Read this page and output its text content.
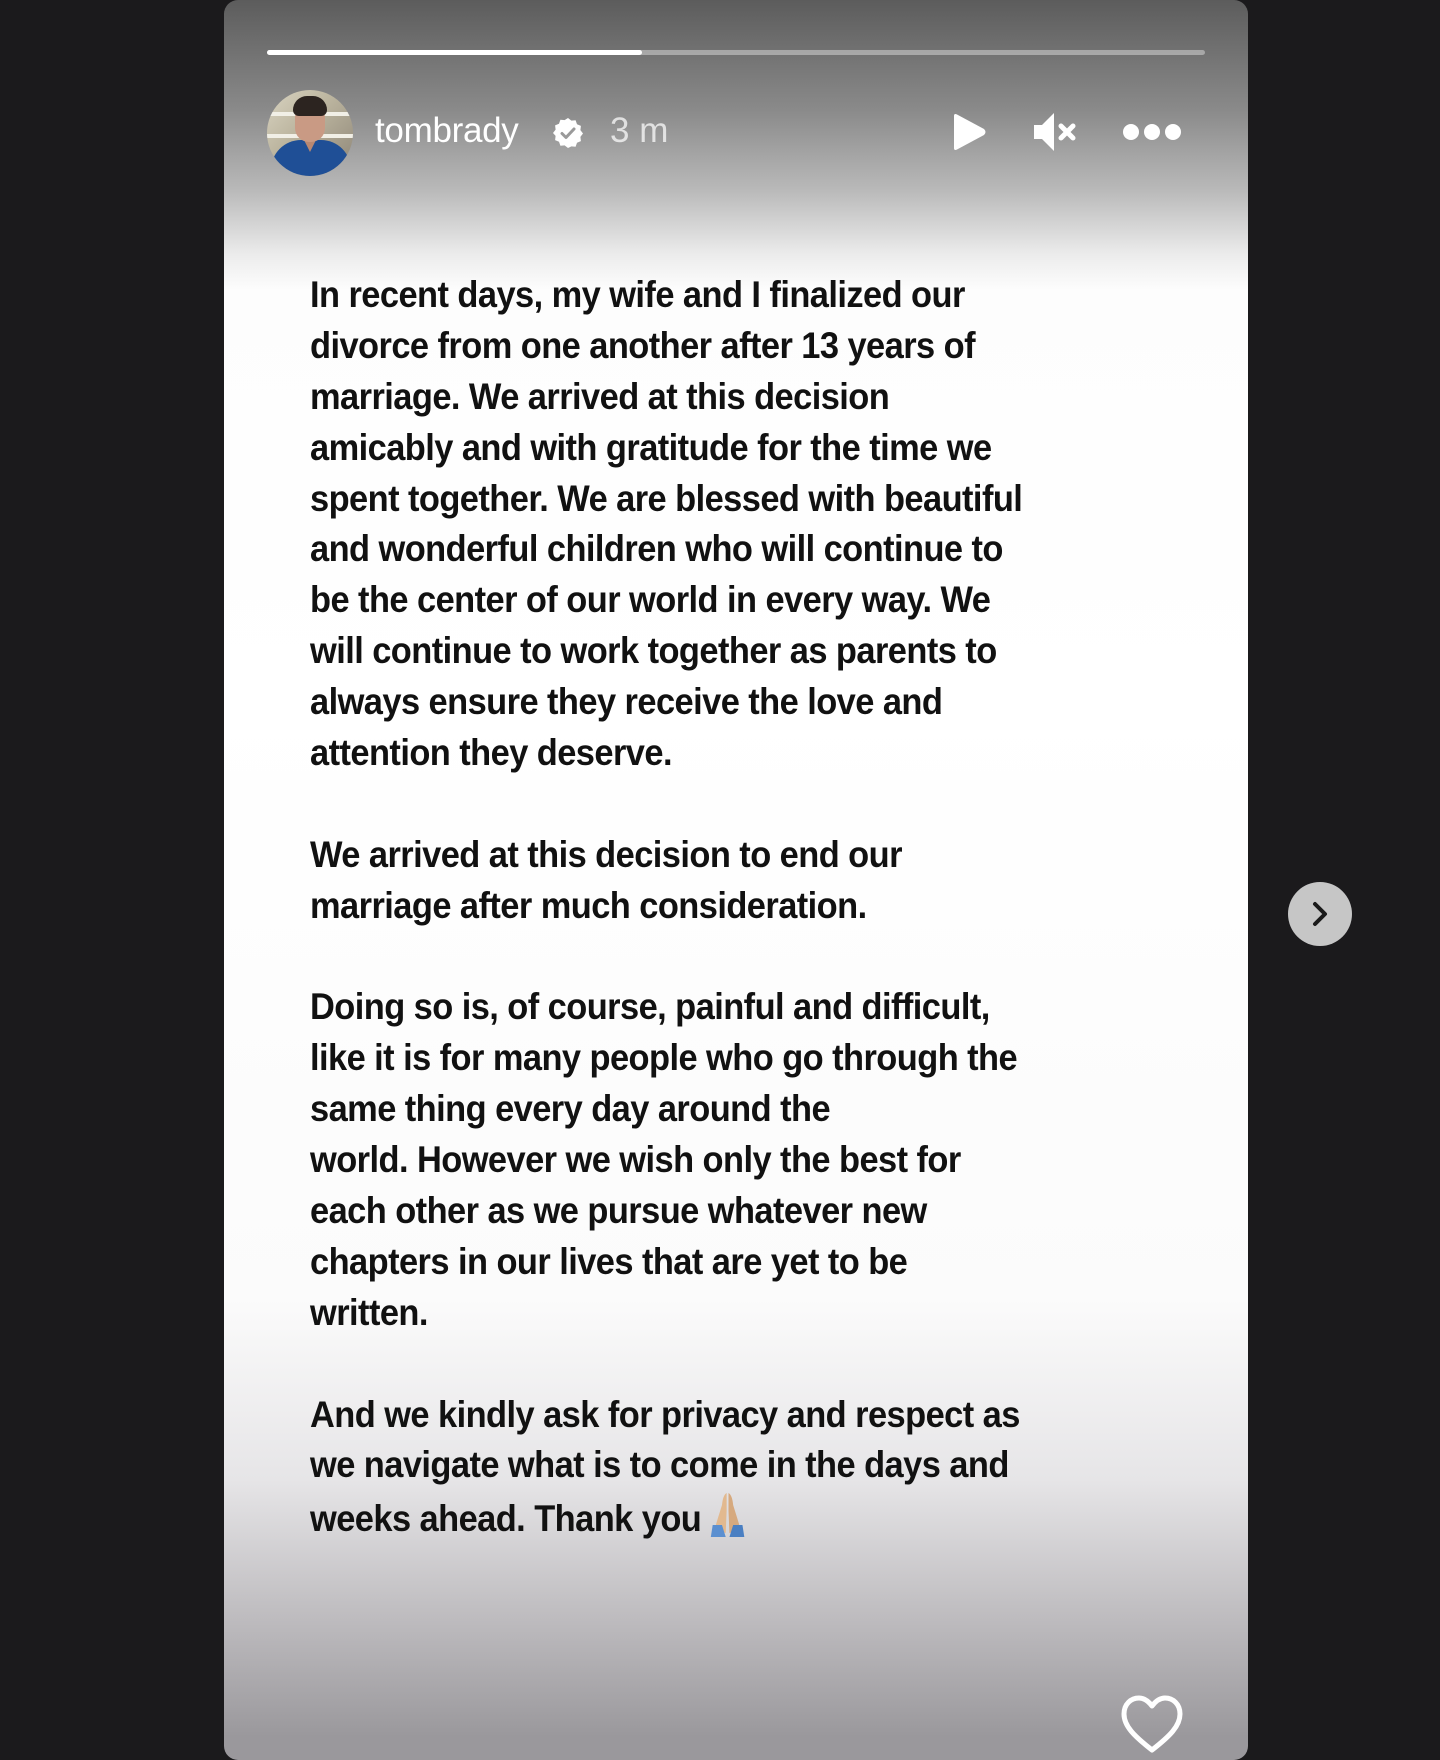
tombrady	3 m
In recent days, my wife and I finalized our
divorce from one another after 13 years of
marriage. We arrived at this decision
amicably and with gratitude for the time we
spent together. We are blessed with beautiful
and wonderful children who will continue to
be the center of our world in every way. We
will continue to work together as parents to
always ensure they receive the love and
attention they deserve.

We arrived at this decision to end our
marriage after much consideration.

Doing so is, of course, painful and difficult,
like it is for many people who go through the
same thing every day around the
world. However we wish only the best for
each other as we pursue whatever new
chapters in our lives that are yet to be
written.

And we kindly ask for privacy and respect as
we navigate what is to come in the days and
weeks ahead. Thank you
